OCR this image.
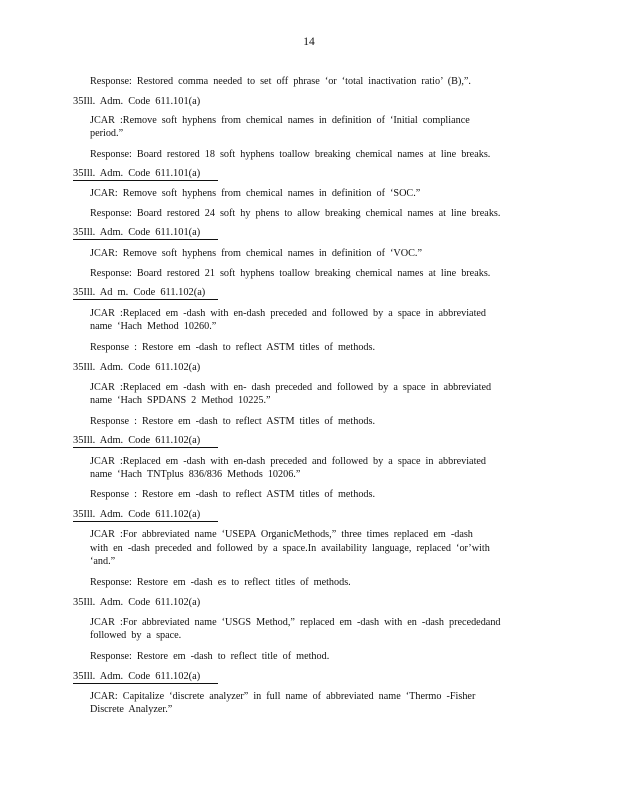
14
Response: Restored comma needed to set off phrase ‘or ‘total inactivation ratio’ (B),”.
35Ill. Adm. Code 611.101(a)
JCAR :Remove soft hyphens from chemical names in definition of ‘Initial compliance
period.”
Response: Board restored 18 soft hyphens toallow breaking chemical names at line breaks.
35Ill. Adm. Code 611.101(a)
JCAR: Remove soft hyphens from chemical names in definition of ‘SOC.”
Response: Board restored 24 soft hy phens to allow breaking chemical names at line breaks.
35Ill. Adm. Code 611.101(a)
JCAR: Remove soft hyphens from chemical names in definition of ‘VOC.”
Response: Board restored 21 soft hyphens toallow breaking chemical names at line breaks.
35Ill. Ad m. Code 611.102(a)
JCAR :Replaced em -dash with en-dash preceded and followed by a space in abbreviated
name ‘Hach Method 10260.”
Response : Restore em -dash to reflect ASTM titles of methods.
35Ill. Adm. Code 611.102(a)
JCAR :Replaced em -dash with en- dash preceded and followed by a space in abbreviated
name ‘Hach SPDANS 2 Method 10225.”
Response : Restore em -dash to reflect ASTM titles of methods.
35Ill. Adm. Code 611.102(a)
JCAR :Replaced em -dash with en-dash preceded and followed by a space in abbreviated
name ‘Hach TNTplus 836/836 Methods 10206.”
Response : Restore em -dash to reflect ASTM titles of methods.
35Ill. Adm. Code 611.102(a)
JCAR :For abbreviated name ‘USEPA OrganicMethods,” three times replaced em -dash
with en -dash preceded and followed by a space.In availability language, replaced ‘or’with
‘and.”
Response: Restore em -dash es to reflect titles of methods.
35Ill. Adm. Code 611.102(a)
JCAR :For abbreviated name ‘USGS Method,” replaced em -dash with en -dash precededand
followed by a space.
Response: Restore em -dash to reflect title of method.
35Ill. Adm. Code 611.102(a)
JCAR: Capitalize ‘discrete analyzer” in full name of abbreviated name ‘Thermo -Fisher
Discrete Analyzer.”
